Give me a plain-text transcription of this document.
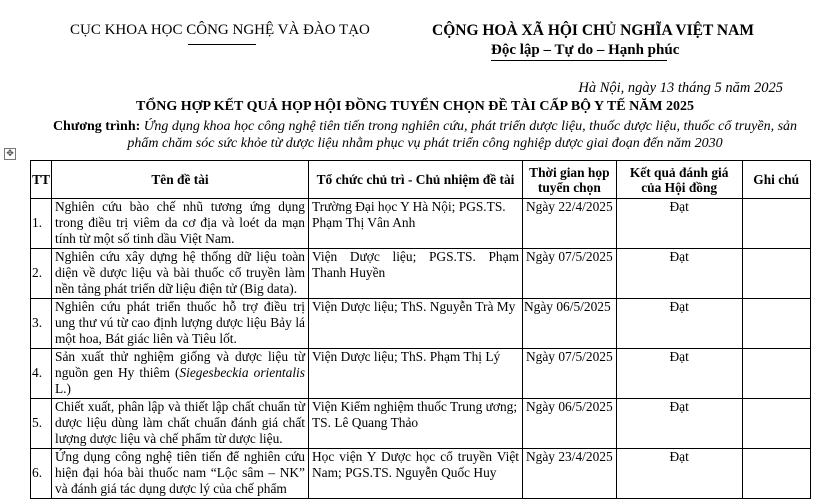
CỤC KHOA HỌC CÔNG NGHỆ VÀ ĐÀO TẠO	CỘNG HOÀ XÃ HỘI CHỦ NGHĨA VIỆT NAM
Độc lập – Tự do – Hạnh phúc
Hà Nội, ngày 13 tháng 5 năm 2025
TỔNG HỢP KẾT QUẢ HỌP HỘI ĐỒNG TUYỂN CHỌN ĐỀ TÀI CẤP BỘ Y TẾ NĂM 2025
Chương trình: Ứng dụng khoa học công nghệ tiên tiến trong nghiên cứu, phát triển dược liệu, thuốc dược liệu, thuốc cổ truyền, sản phẩm chăm sóc sức khỏe từ dược liệu nhằm phục vụ phát triển công nghiệp dược giai đoạn đến năm 2030
✥
TT	Tên đề tài	Tổ chức chủ trì - Chủ nhiệm đề tài	Thời gian họp tuyển chọn	Kết quả đánh giá của Hội đồng	Ghi chú

1.	Nghiên cứu bào chế nhũ tương ứng dụng trong điều trị viêm da cơ địa và loét da mạn tính từ một số tinh dầu Việt Nam.	Trường Đại học Y Hà Nội; PGS.TS. Phạm Thị Vân Anh	Ngày 22/4/2025	Đạt	

2.	Nghiên cứu xây dựng hệ thống dữ liệu toàn diện về dược liệu và bài thuốc cổ truyền làm nền tảng phát triển dữ liệu điện tử (Big data).	Viện Dược liệu; PGS.TS. Phạm Thanh Huyền	Ngày 07/5/2025	Đạt	

3.	Nghiên cứu phát triển thuốc hỗ trợ điều trị ung thư vú từ cao định lượng dược liệu Bảy lá một hoa, Bát giác liên và Tiêu lốt.	Viện Dược liệu; ThS. Nguyễn Trà My	Ngày 06/5/2025	Đạt	

4.	Sản xuất thử nghiệm giống và dược liệu từ nguồn gen Hy thiêm (Siegesbeckia orientalis L.)	Viện Dược liệu; ThS. Phạm Thị Lý	Ngày 07/5/2025	Đạt	

5.	Chiết xuất, phân lập và thiết lập chất chuẩn từ dược liệu dùng làm chất chuẩn đánh giá chất lượng dược liệu và chế phẩm từ dược liệu.	Viện Kiểm nghiệm thuốc Trung ương;
TS. Lê Quang Thảo	Ngày 06/5/2025	Đạt	

6.	Ứng dụng công nghệ tiên tiến để nghiên cứu hiện đại hóa bài thuốc nam “Lộc sâm – NK” và đánh giá tác dụng dược lý của chế phẩm	Học viện Y Dược học cổ truyền Việt Nam; PGS.TS. Nguyễn Quốc Huy	Ngày 23/4/2025	Đạt	
